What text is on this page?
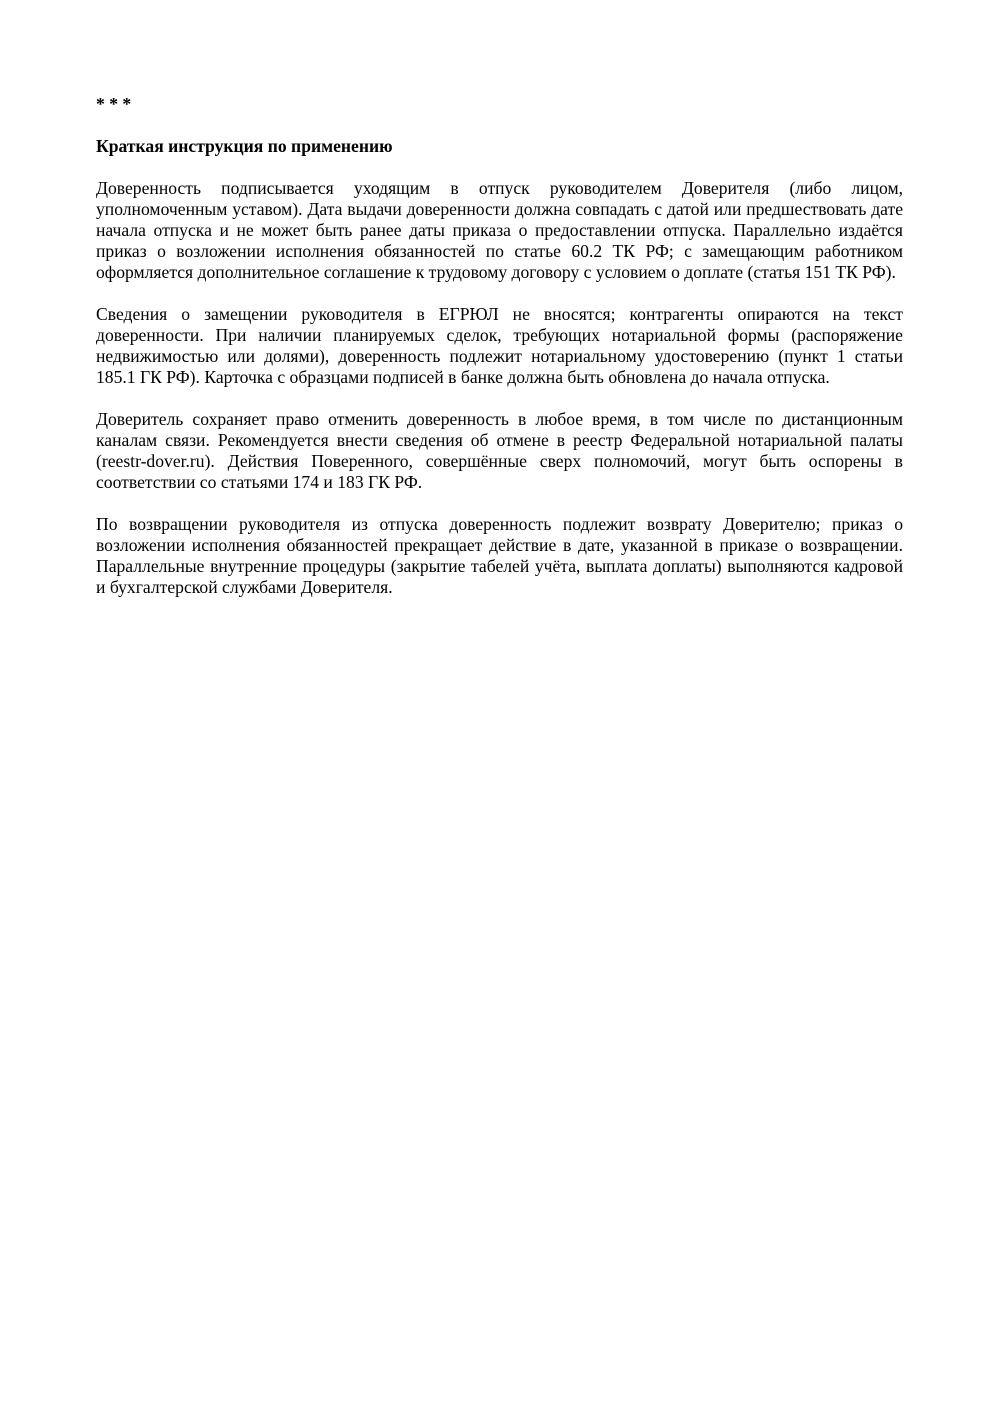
* * *
Краткая инструкция по применению

Доверенность подписывается уходящим в отпуск руководителем Доверителя (либо лицом, уполномоченным уставом). Дата выдачи доверенности должна совпадать с датой или предшествовать дате начала отпуска и не может быть ранее даты приказа о предоставлении отпуска. Параллельно издаётся приказ о возложении исполнения обязанностей по статье 60.2 ТК РФ; с замещающим работником оформляется дополнительное соглашение к трудовому договору с условием о доплате (статья 151 ТК РФ).

Сведения о замещении руководителя в ЕГРЮЛ не вносятся; контрагенты опираются на текст доверенности. При наличии планируемых сделок, требующих нотариальной формы (распоряжение недвижимостью или долями), доверенность подлежит нотариальному удостоверению (пункт 1 статьи 185.1 ГК РФ). Карточка с образцами подписей в банке должна быть обновлена до начала отпуска.

Доверитель сохраняет право отменить доверенность в любое время, в том числе по дистанционным каналам связи. Рекомендуется внести сведения об отмене в реестр Федеральной нотариальной палаты (reestr-dover.ru). Действия Поверенного, совершённые сверх полномочий, могут быть оспорены в соответствии со статьями 174 и 183 ГК РФ.

По возвращении руководителя из отпуска доверенность подлежит возврату Доверителю; приказ о возложении исполнения обязанностей прекращает действие в дате, указанной в приказе о возвращении. Параллельные внутренние процедуры (закрытие табелей учёта, выплата доплаты) выполняются кадровой и бухгалтерской службами Доверителя.
